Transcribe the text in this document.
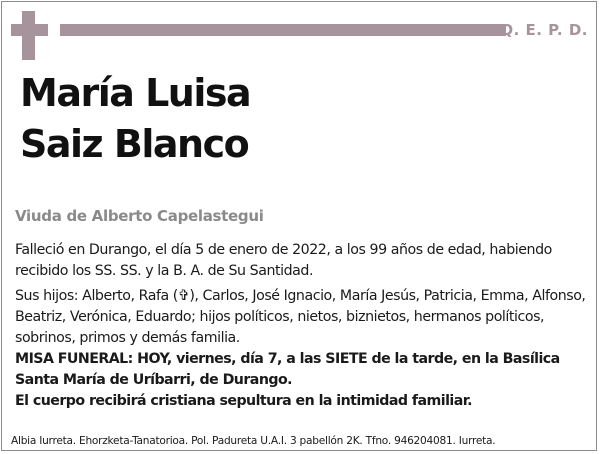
Q. E. P. D.
María Luisa
Saiz Blanco
Viuda de Alberto Capelastegui

Falleció en Durango, el día 5 de enero de 2022, a los 99 años de edad, habiendo recibido los SS. SS. y la B. A. de Su Santidad.

Sus hijos: Alberto, Rafa (✞), Carlos, José Ignacio, María Jesús, Patricia, Emma, Alfonso, Beatriz, Verónica, Eduardo; hijos políticos, nietos, biznietos, hermanos políticos, sobrinos, primos y demás familia.

MISA FUNERAL: HOY, viernes, día 7, a las SIETE de la tarde, en la Basílica Santa María de Uríbarri, de Durango.

El cuerpo recibirá cristiana sepultura en la intimidad familiar.

Albia Iurreta. Ehorzketa-Tanatorioa. Pol. Padureta U.A.I. 3 pabellón 2K. Tfno. 946204081. Iurreta.
